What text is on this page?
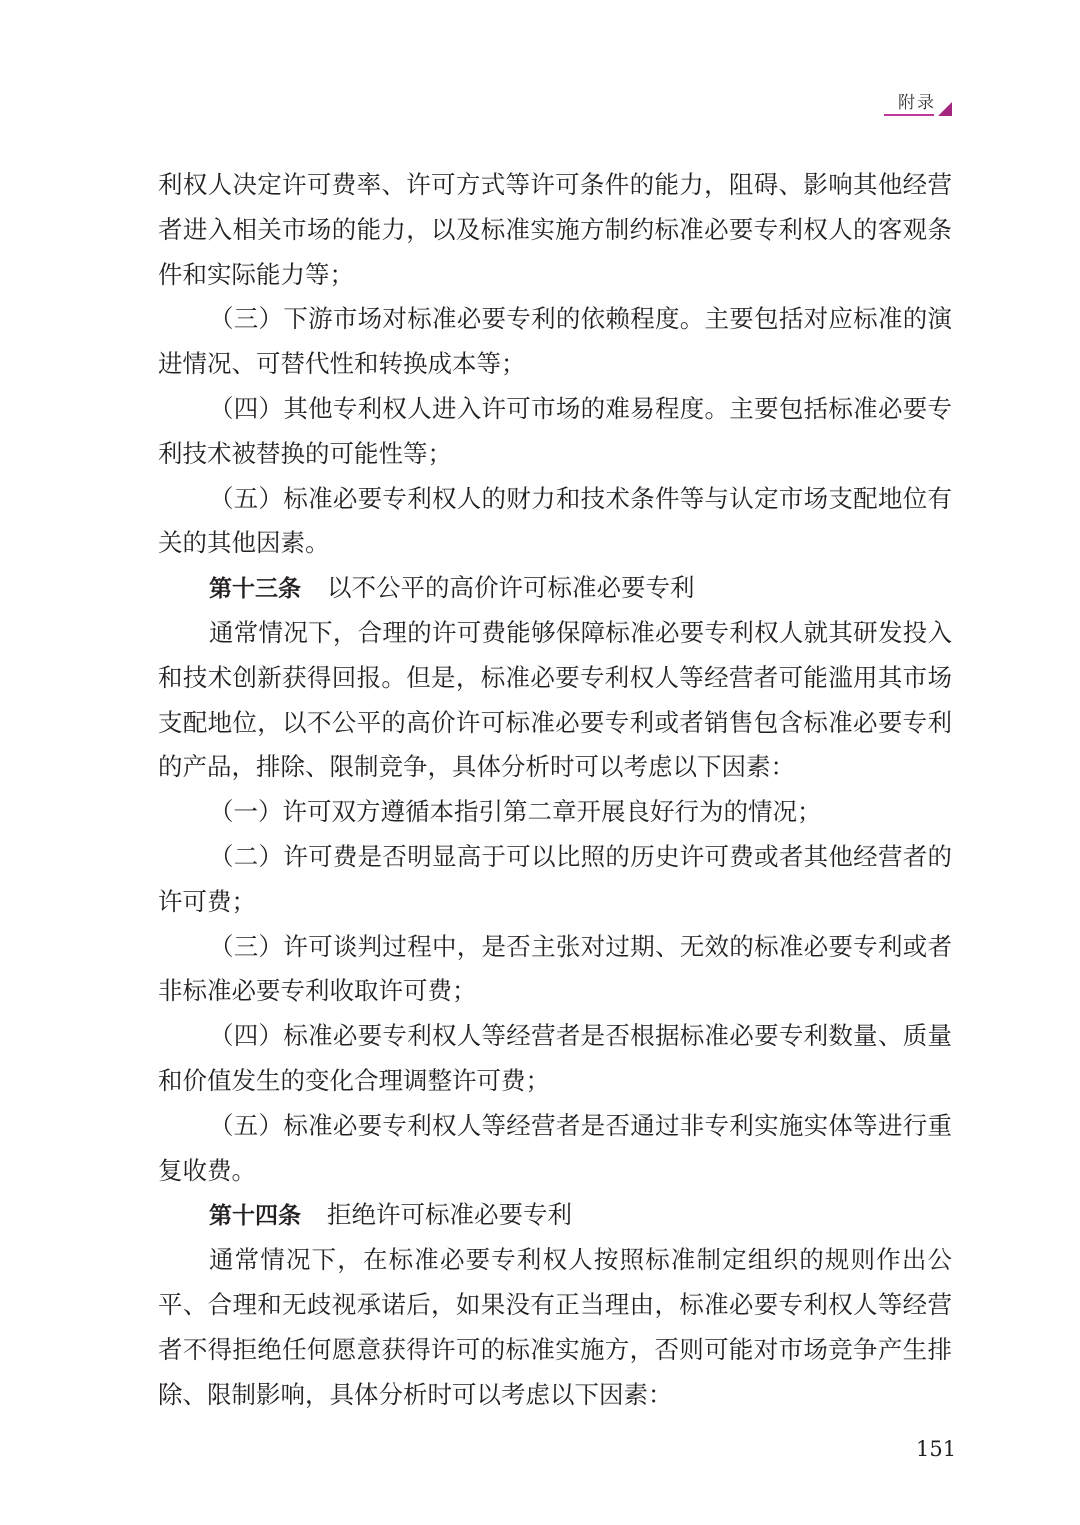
附录
利权人决定许可费率、许可方式等许可条件的能力，阻碍、影响其他经营
者进入相关市场的能力，以及标准实施方制约标准必要专利权人的客观条
件和实际能力等；
（三）下游市场对标准必要专利的依赖程度。主要包括对应标准的演
进情况、可替代性和转换成本等；
（四）其他专利权人进入许可市场的难易程度。主要包括标准必要专
利技术被替换的可能性等；
（五）标准必要专利权人的财力和技术条件等与认定市场支配地位有
关的其他因素。
第十三条 以不公平的高价许可标准必要专利
通常情况下，合理的许可费能够保障标准必要专利权人就其研发投入
和技术创新获得回报。但是，标准必要专利权人等经营者可能滥用其市场
支配地位，以不公平的高价许可标准必要专利或者销售包含标准必要专利
的产品，排除、限制竞争，具体分析时可以考虑以下因素：
（一）许可双方遵循本指引第二章开展良好行为的情况；
（二）许可费是否明显高于可以比照的历史许可费或者其他经营者的
许可费；
（三）许可谈判过程中，是否主张对过期、无效的标准必要专利或者
非标准必要专利收取许可费；
（四）标准必要专利权人等经营者是否根据标准必要专利数量、质量
和价值发生的变化合理调整许可费；
（五）标准必要专利权人等经营者是否通过非专利实施实体等进行重
复收费。
第十四条 拒绝许可标准必要专利
通常情况下，在标准必要专利权人按照标准制定组织的规则作出公
平、合理和无歧视承诺后，如果没有正当理由，标准必要专利权人等经营
者不得拒绝任何愿意获得许可的标准实施方，否则可能对市场竞争产生排
除、限制影响，具体分析时可以考虑以下因素：
151
